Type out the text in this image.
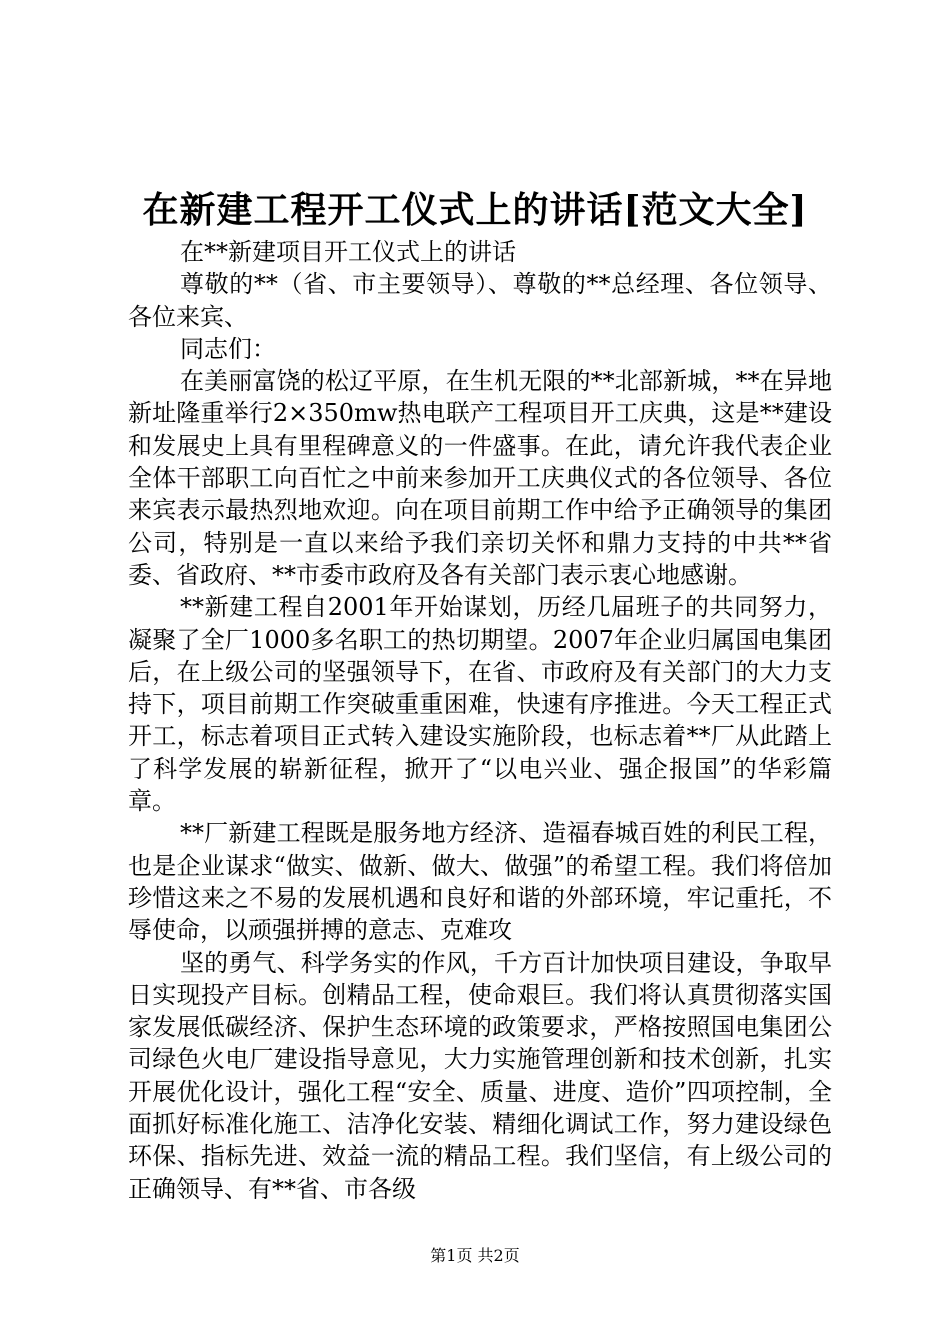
在新建工程开工仪式上的讲话[范文大全]

在**新建项目开工仪式上的讲话

尊敬的**（省、市主要领导）、尊敬的**总经理、各位领导、各位来宾、

同志们：

在美丽富饶的松辽平原，在生机无限的**北部新城，**在异地新址隆重举行2×350mw热电联产工程项目开工庆典，这是**建设和发展史上具有里程碑意义的一件盛事。在此，请允许我代表企业全体干部职工向百忙之中前来参加开工庆典仪式的各位领导、各位来宾表示最热烈地欢迎。向在项目前期工作中给予正确领导的集团公司，特别是一直以来给予我们亲切关怀和鼎力支持的中共**省委、省政府、**市委市政府及各有关部门表示衷心地感谢。

**新建工程自2001年开始谋划，历经几届班子的共同努力，凝聚了全厂1000多名职工的热切期望。2007年企业归属国电集团后，在上级公司的坚强领导下，在省、市政府及有关部门的大力支持下，项目前期工作突破重重困难，快速有序推进。今天工程正式开工，标志着项目正式转入建设实施阶段，也标志着**厂从此踏上了科学发展的崭新征程，掀开了“以电兴业、强企报国”的华彩篇章。

**厂新建工程既是服务地方经济、造福春城百姓的利民工程，也是企业谋求“做实、做新、做大、做强”的希望工程。我们将倍加珍惜这来之不易的发展机遇和良好和谐的外部环境，牢记重托，不辱使命，以顽强拼搏的意志、克难攻

坚的勇气、科学务实的作风，千方百计加快项目建设，争取早日实现投产目标。创精品工程，使命艰巨。我们将认真贯彻落实国家发展低碳经济、保护生态环境的政策要求，严格按照国电集团公司绿色火电厂建设指导意见，大力实施管理创新和技术创新，扎实开展优化设计，强化工程“安全、质量、进度、造价”四项控制，全面抓好标准化施工、洁净化安装、精细化调试工作，努力建设绿色环保、指标先进、效益一流的精品工程。我们坚信，有上级公司的正确领导、有**省、市各级

第1页 共2页
